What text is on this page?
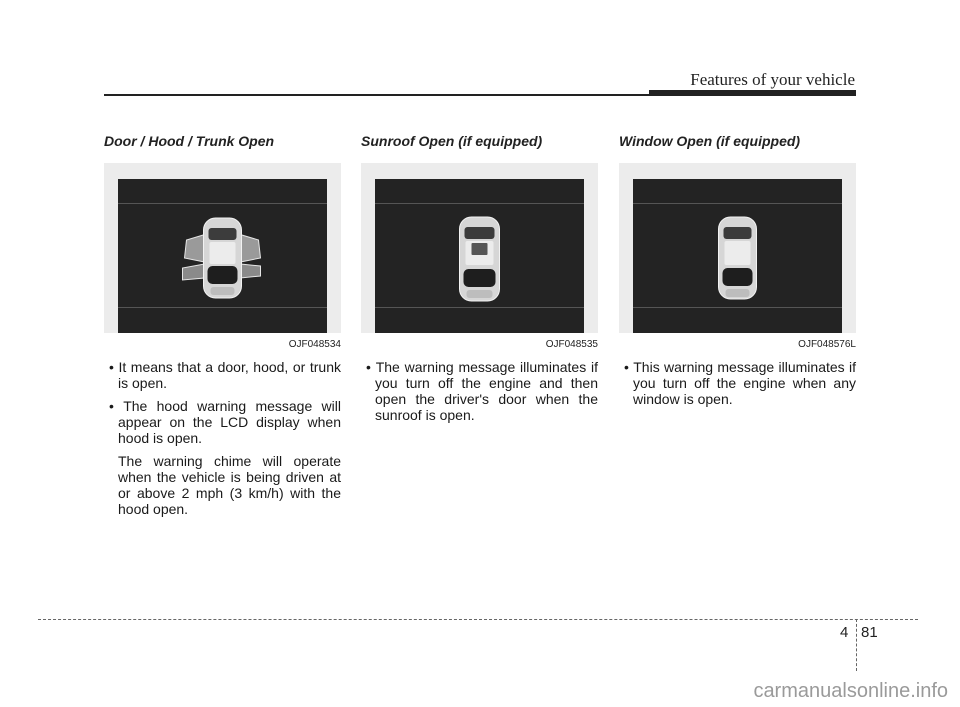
Features of your vehicle
Door / Hood / Trunk Open
OJF048534
• It means that a door, hood, or trunk is open.
• The hood warning message will appear on the LCD display when hood is open.

The warning chime will operate when the vehicle is being driven at or above 2 mph (3 km/h) with the hood open.

Sunroof Open (if equipped)
OJF048535
• The warning message illuminates if you turn off the engine and then open the driver's door when the sunroof is open.
Window Open (if equipped)
OJF048576L
• This warning message illuminates if you turn off the engine when any window is open.
4 81
carmanualsonline.info
